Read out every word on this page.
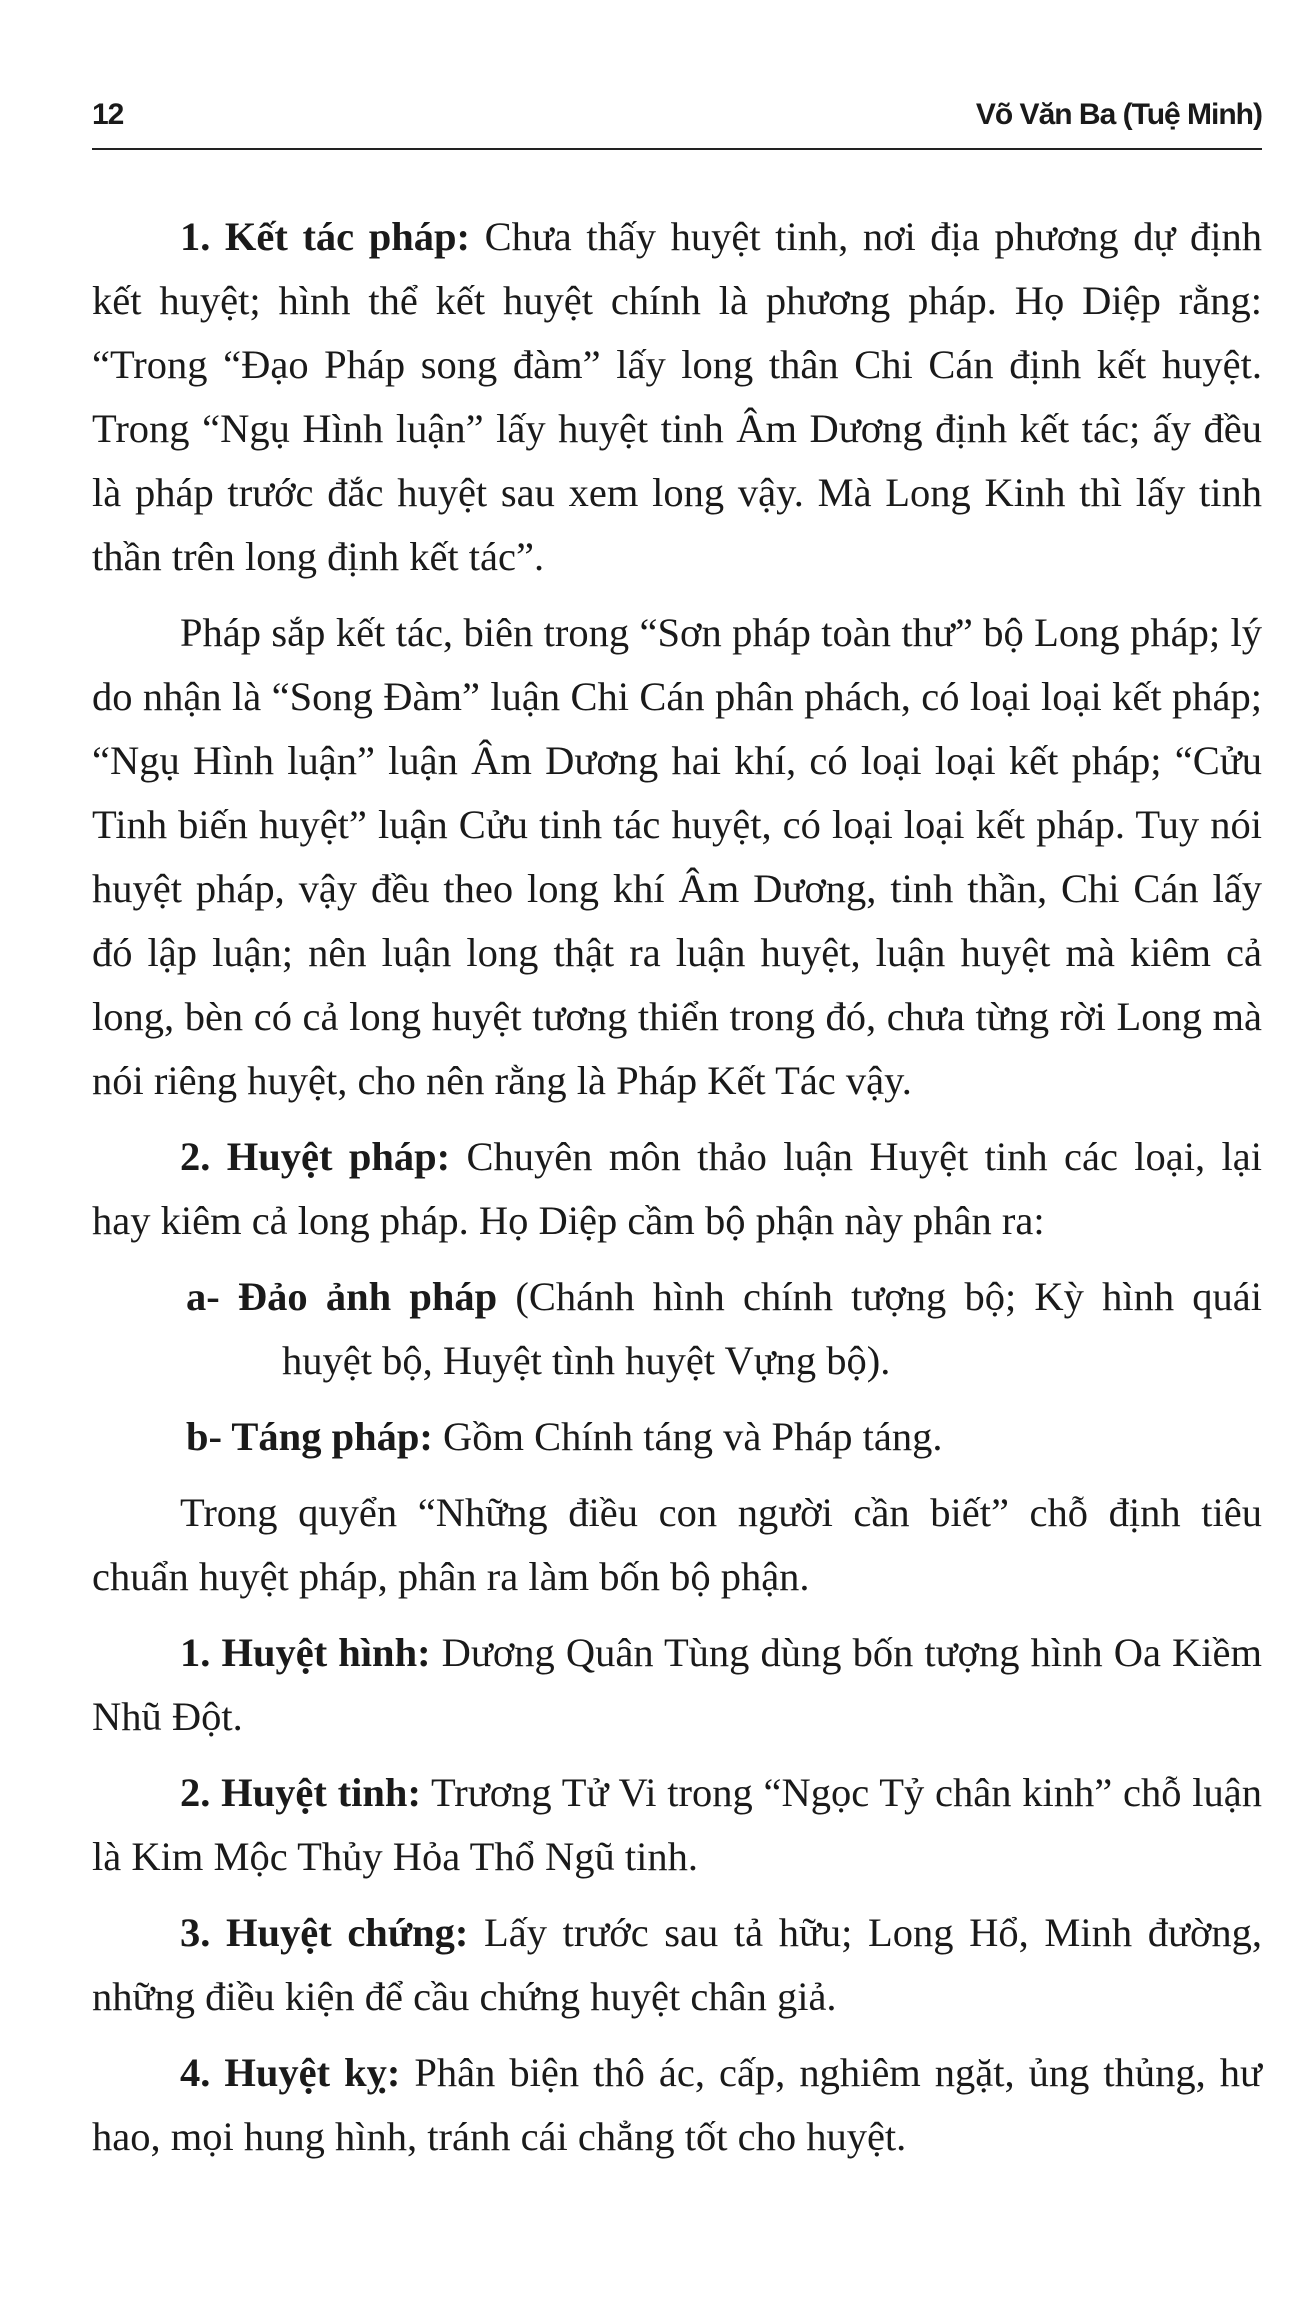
12	Võ Văn Ba (Tuệ Minh)

1. Kết tác pháp: Chưa thấy huyệt tinh, nơi địa phương dự định kết huyệt; hình thể kết huyệt chính là phương pháp. Họ Diệp rằng: “Trong “Đạo Pháp song đàm” lấy long thân Chi Cán định kết huyệt. Trong “Ngụ Hình luận” lấy huyệt tinh Âm Dương định kết tác; ấy đều là pháp trước đắc huyệt sau xem long vậy. Mà Long Kinh thì lấy tinh thần trên long định kết tác”.

Pháp sắp kết tác, biên trong “Sơn pháp toàn thư” bộ Long pháp; lý do nhận là “Song Đàm” luận Chi Cán phân phách, có loại loại kết pháp; “Ngụ Hình luận” luận Âm Dương hai khí, có loại loại kết pháp; “Cửu Tinh biến huyệt” luận Cửu tinh tác huyệt, có loại loại kết pháp. Tuy nói huyệt pháp, vậy đều theo long khí Âm Dương, tinh thần, Chi Cán lấy đó lập luận; nên luận long thật ra luận huyệt, luận huyệt mà kiêm cả long, bèn có cả long huyệt tương thiển trong đó, chưa từng rời Long mà nói riêng huyệt, cho nên rằng là Pháp Kết Tác vậy.

2. Huyệt pháp: Chuyên môn thảo luận Huyệt tinh các loại, lại hay kiêm cả long pháp. Họ Diệp cầm bộ phận này phân ra:

a- Đảo ảnh pháp (Chánh hình chính tượng bộ; Kỳ hình quái huyệt bộ, Huyệt tình huyệt Vựng bộ).

b- Táng pháp: Gồm Chính táng và Pháp táng.

Trong quyển “Những điều con người cần biết” chỗ định tiêu chuẩn huyệt pháp, phân ra làm bốn bộ phận.

1. Huyệt hình: Dương Quân Tùng dùng bốn tượng hình Oa Kiềm Nhũ Đột.

2. Huyệt tinh: Trương Tử Vi trong “Ngọc Tỷ chân kinh” chỗ luận là Kim Mộc Thủy Hỏa Thổ Ngũ tinh.

3. Huyệt chứng: Lấy trước sau tả hữu; Long Hổ, Minh đường, những điều kiện để cầu chứng huyệt chân giả.

4. Huyệt kỵ: Phân biện thô ác, cấp, nghiêm ngặt, ủng thủng, hư hao, mọi hung hình, tránh cái chẳng tốt cho huyệt.
